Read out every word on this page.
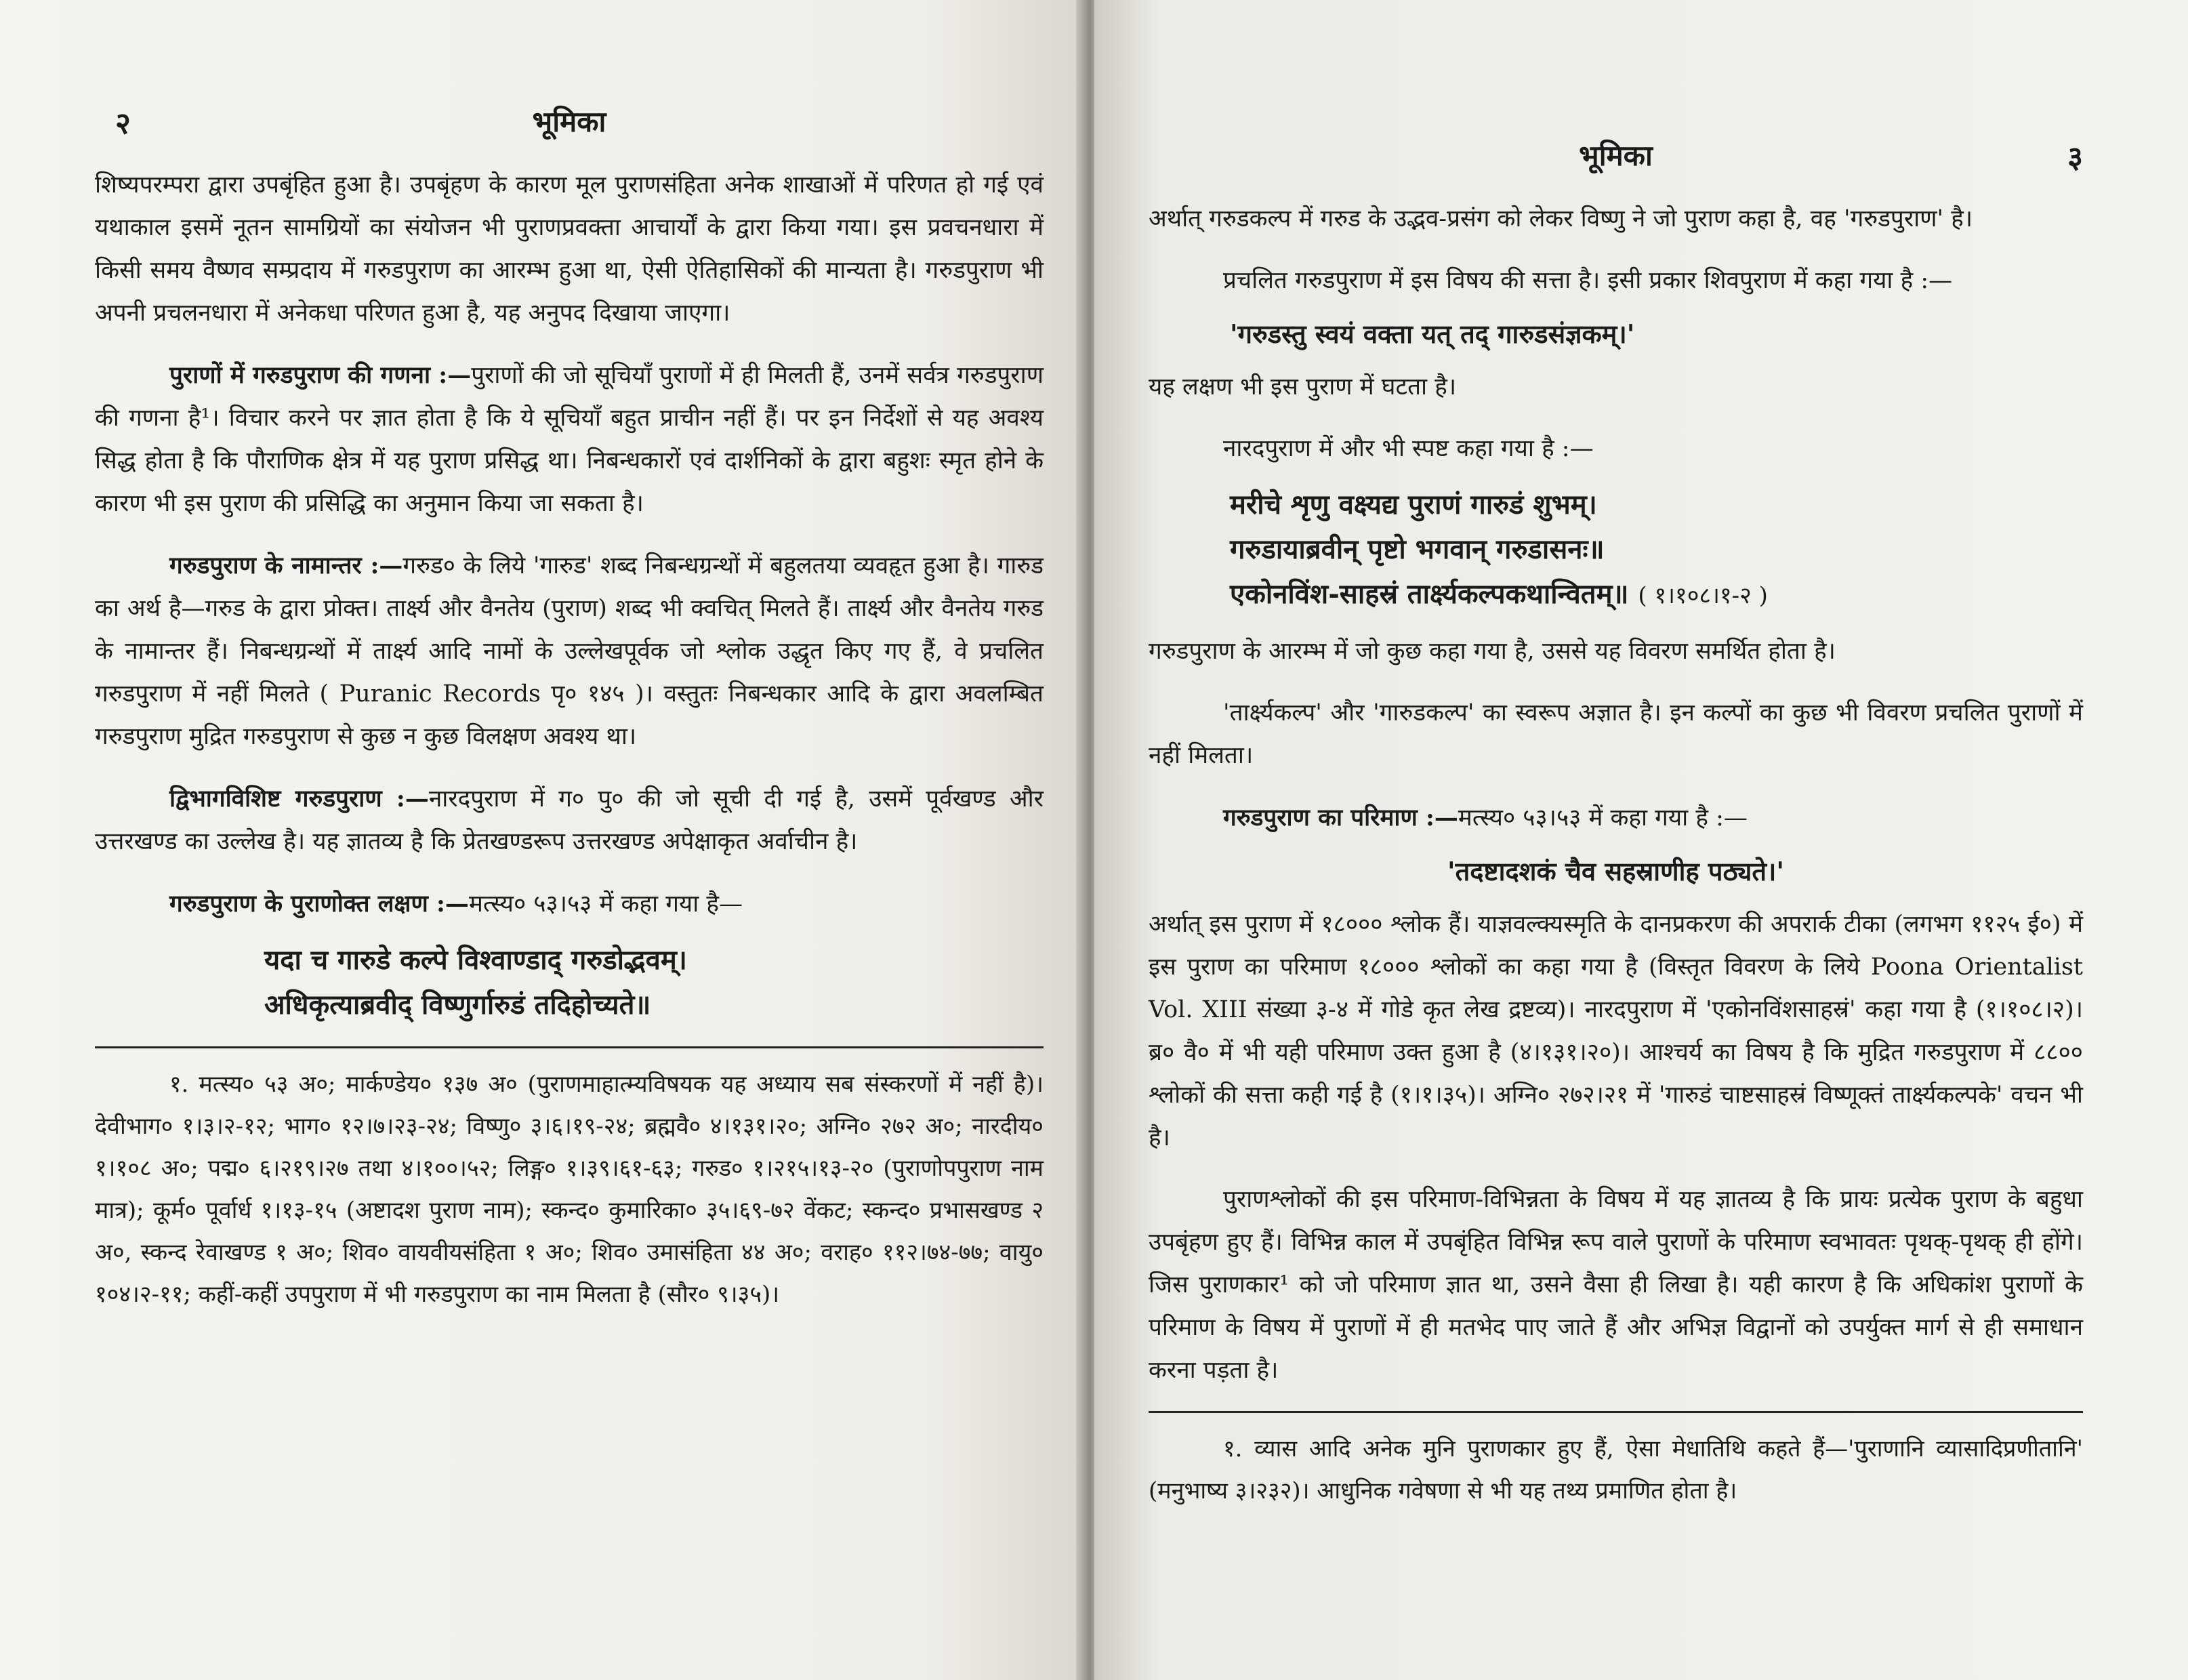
२	भूमिका

शिष्यपरम्परा द्वारा उपबृंहित हुआ है। उपबृंहण के कारण मूल पुराणसंहिता अनेक शाखाओं में परिणत हो गई एवं यथाकाल इसमें नूतन सामग्रियों का संयोजन भी पुराणप्रवक्ता आचार्यों के द्वारा किया गया। इस प्रवचनधारा में किसी समय वैष्णव सम्प्रदाय में गरुडपुराण का आरम्भ हुआ था, ऐसी ऐतिहासिकों की मान्यता है। गरुडपुराण भी अपनी प्रचलनधारा में अनेकधा परिणत हुआ है, यह अनुपद दिखाया जाएगा।

पुराणों में गरुडपुराण की गणना :—पुराणों की जो सूचियाँ पुराणों में ही मिलती हैं, उनमें सर्वत्र गरुडपुराण की गणना है¹। विचार करने पर ज्ञात होता है कि ये सूचियाँ बहुत प्राचीन नहीं हैं। पर इन निर्देशों से यह अवश्य सिद्ध होता है कि पौराणिक क्षेत्र में यह पुराण प्रसिद्ध था। निबन्धकारों एवं दार्शनिकों के द्वारा बहुशः स्मृत होने के कारण भी इस पुराण की प्रसिद्धि का अनुमान किया जा सकता है।

गरुडपुराण के नामान्तर :—गरुड० के लिये 'गारुड' शब्द निबन्धग्रन्थों में बहुलतया व्यवहृत हुआ है। गारुड का अर्थ है—गरुड के द्वारा प्रोक्त। तार्क्ष्य और वैनतेय (पुराण) शब्द भी क्वचित् मिलते हैं। तार्क्ष्य और वैनतेय गरुड के नामान्तर हैं। निबन्धग्रन्थों में तार्क्ष्य आदि नामों के उल्लेखपूर्वक जो श्लोक उद्धृत किए गए हैं, वे प्रचलित गरुडपुराण में नहीं मिलते ( Puranic Records पृ० १४५ )। वस्तुतः निबन्धकार आदि के द्वारा अवलम्बित गरुडपुराण मुद्रित गरुडपुराण से कुछ न कुछ विलक्षण अवश्य था।

द्विभागविशिष्ट गरुडपुराण :—नारदपुराण में ग० पु० की जो सूची दी गई है, उसमें पूर्वखण्ड और उत्तरखण्ड का उल्लेख है। यह ज्ञातव्य है कि प्रेतखण्डरूप उत्तरखण्ड अपेक्षाकृत अर्वाचीन है।

गरुडपुराण के पुराणोक्त लक्षण :—मत्स्य० ५३।५३ में कहा गया है—

यदा च गारुडे कल्पे विश्वाण्डाद् गरुडोद्भवम्।
अधिकृत्याब्रवीद् विष्णुर्गारुडं तदिहोच्यते॥

१. मत्स्य० ५३ अ०; मार्कण्डेय० १३७ अ० (पुराणमाहात्म्यविषयक यह अध्याय सब संस्करणों में नहीं है)। देवीभाग० १।३।२-१२; भाग० १२।७।२३-२४; विष्णु० ३।६।१९-२४; ब्रह्मवै० ४।१३१।२०; अग्नि० २७२ अ०; नारदीय० १।१०८ अ०; पद्म० ६।२१९।२७ तथा ४।१००।५२; लिङ्ग० १।३९।६१-६३; गरुड० १।२१५।१३-२० (पुराणोपपुराण नाम मात्र); कूर्म० पूर्वार्ध १।१३-१५ (अष्टादश पुराण नाम); स्कन्द० कुमारिका० ३५।६९-७२ वेंकट; स्कन्द० प्रभासखण्ड २ अ०, स्कन्द रेवाखण्ड १ अ०; शिव० वायवीयसंहिता १ अ०; शिव० उमासंहिता ४४ अ०; वराह० ११२।७४-७७; वायु० १०४।२-११; कहीं-कहीं उपपुराण में भी गरुडपुराण का नाम मिलता है (सौर० ९।३५)।

भूमिका	३

अर्थात् गरुडकल्प में गरुड के उद्भव-प्रसंग को लेकर विष्णु ने जो पुराण कहा है, वह 'गरुडपुराण' है।

प्रचलित गरुडपुराण में इस विषय की सत्ता है। इसी प्रकार शिवपुराण में कहा गया है :—

'गरुडस्तु स्वयं वक्ता यत् तद् गारुडसंज्ञकम्।'

यह लक्षण भी इस पुराण में घटता है।

नारदपुराण में और भी स्पष्ट कहा गया है :—

मरीचे शृणु वक्ष्यद्य पुराणं गारुडं शुभम्।
गरुडायाब्रवीन् पृष्टो भगवान् गरुडासनः॥
एकोनविंश-साहस्रं तार्क्ष्यकल्पकथान्वितम्॥ ( १।१०८।१-२ )

गरुडपुराण के आरम्भ में जो कुछ कहा गया है, उससे यह विवरण समर्थित होता है।

'तार्क्ष्यकल्प' और 'गारुडकल्प' का स्वरूप अज्ञात है। इन कल्पों का कुछ भी विवरण प्रचलित पुराणों में नहीं मिलता।

गरुडपुराण का परिमाण :—मत्स्य० ५३।५३ में कहा गया है :—

'तदष्टादशकं चैव सहस्राणीह पठ्यते।'

अर्थात् इस पुराण में १८००० श्लोक हैं। याज्ञवल्क्यस्मृति के दानप्रकरण की अपरार्क टीका (लगभग ११२५ ई०) में इस पुराण का परिमाण १८००० श्लोकों का कहा गया है (विस्तृत विवरण के लिये Poona Orientalist Vol. XIII संख्या ३-४ में गोडे कृत लेख द्रष्टव्य)। नारदपुराण में 'एकोनविंशसाहस्रं' कहा गया है (१।१०८।२)। ब्र० वै० में भी यही परिमाण उक्त हुआ है (४।१३१।२०)। आश्चर्य का विषय है कि मुद्रित गरुडपुराण में ८८०० श्लोकों की सत्ता कही गई है (१।१।३५)। अग्नि० २७२।२१ में 'गारुडं चाष्टसाहस्रं विष्णूक्तं तार्क्ष्यकल्पके' वचन भी है।

पुराणश्लोकों की इस परिमाण-विभिन्नता के विषय में यह ज्ञातव्य है कि प्रायः प्रत्येक पुराण के बहुधा उपबृंहण हुए हैं। विभिन्न काल में उपबृंहित विभिन्न रूप वाले पुराणों के परिमाण स्वभावतः पृथक्-पृथक् ही होंगे। जिस पुराणकार¹ को जो परिमाण ज्ञात था, उसने वैसा ही लिखा है। यही कारण है कि अधिकांश पुराणों के परिमाण के विषय में पुराणों में ही मतभेद पाए जाते हैं और अभिज्ञ विद्वानों को उपर्युक्त मार्ग से ही समाधान करना पड़ता है।

१. व्यास आदि अनेक मुनि पुराणकार हुए हैं, ऐसा मेधातिथि कहते हैं—'पुराणानि व्यासादिप्रणीतानि' (मनुभाष्य ३।२३२)। आधुनिक गवेषणा से भी यह तथ्य प्रमाणित होता है।
